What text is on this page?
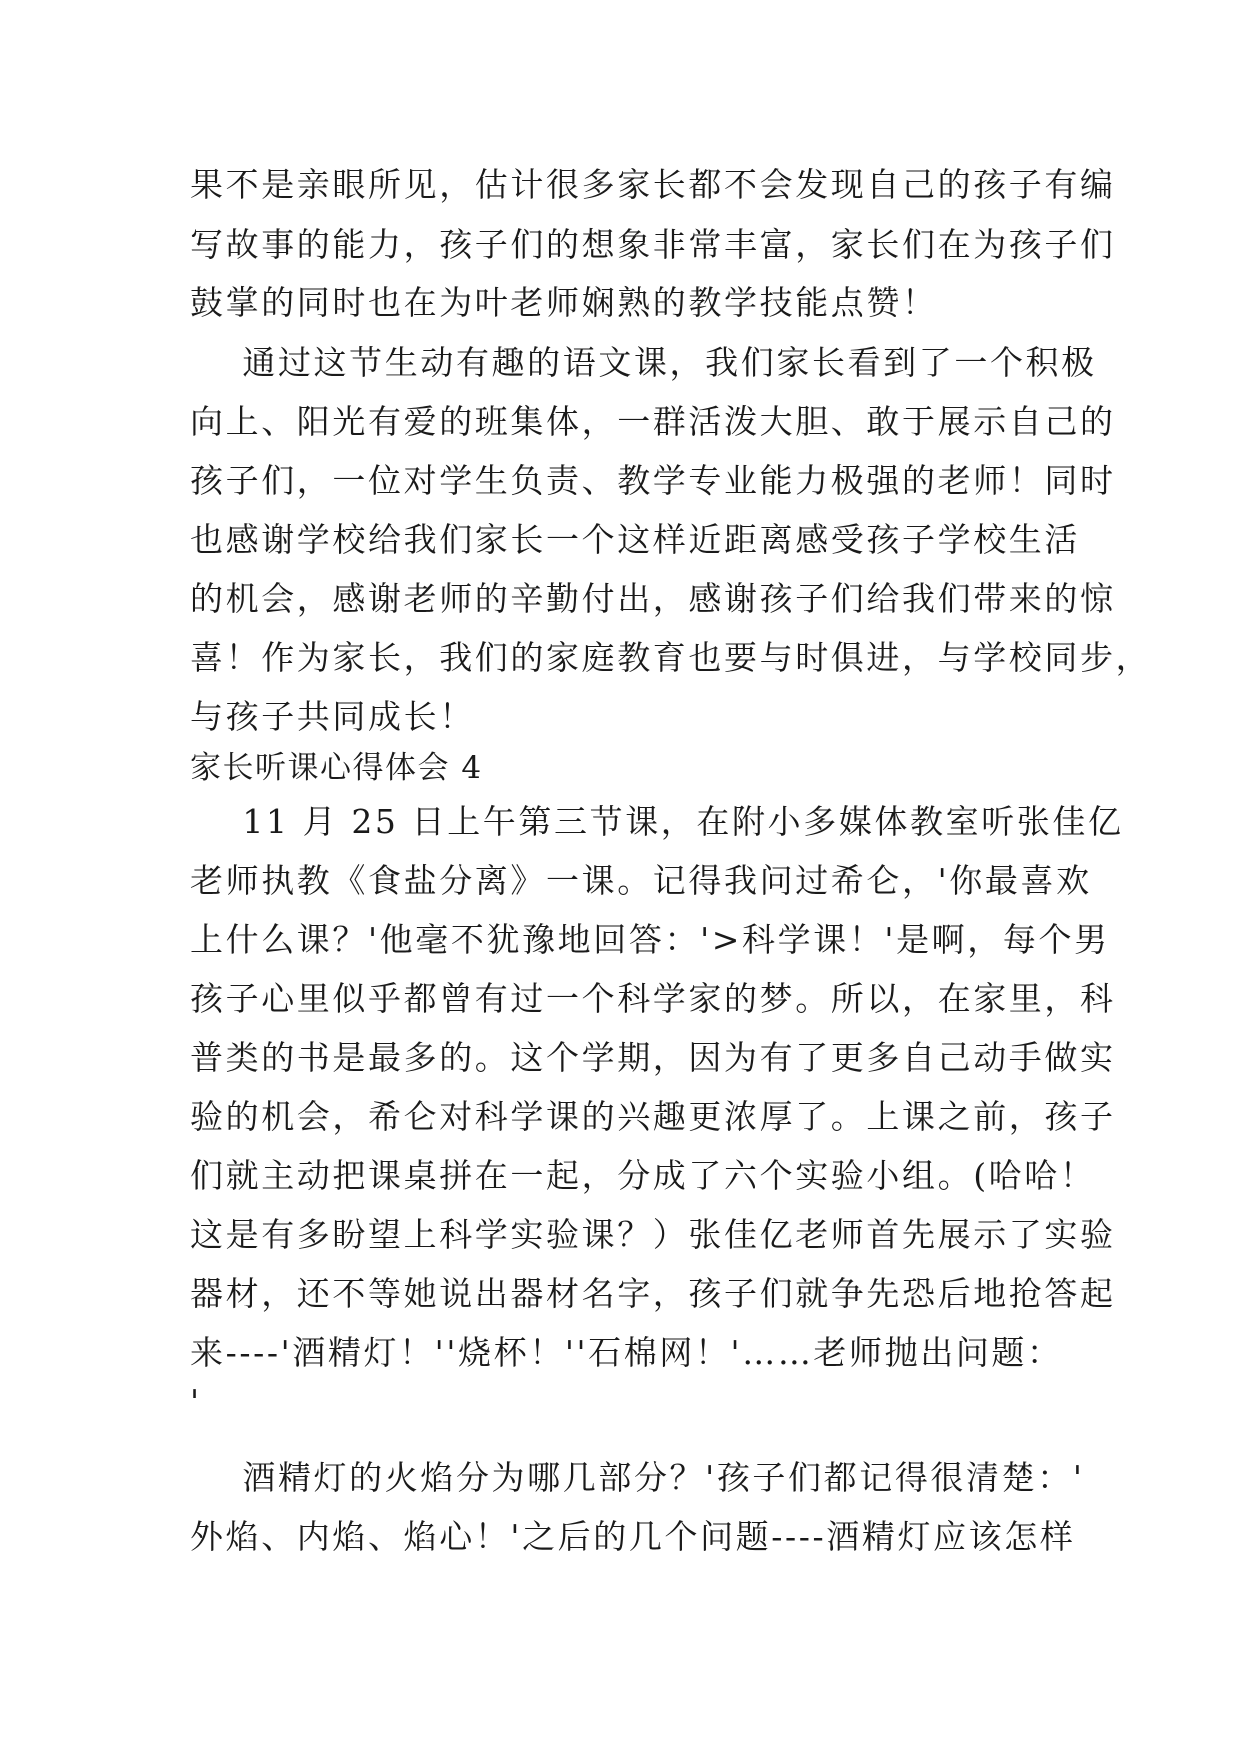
果不是亲眼所见，估计很多家长都不会发现自己的孩子有编
写故事的能力，孩子们的想象非常丰富，家长们在为孩子们
鼓掌的同时也在为叶老师娴熟的教学技能点赞！
通过这节生动有趣的语文课，我们家长看到了一个积极
向上、阳光有爱的班集体，一群活泼大胆、敢于展示自己的
孩子们，一位对学生负责、教学专业能力极强的老师！同时
也感谢学校给我们家长一个这样近距离感受孩子学校生活
的机会，感谢老师的辛勤付出，感谢孩子们给我们带来的惊
喜！作为家长，我们的家庭教育也要与时俱进，与学校同步，
与孩子共同成长！
家长听课心得体会 4
11 月 25 日上午第三节课，在附小多媒体教室听张佳亿
老师执教《食盐分离》一课。记得我问过希仑，'你最喜欢
上什么课？'他毫不犹豫地回答：'>科学课！'是啊，每个男
孩子心里似乎都曾有过一个科学家的梦。所以，在家里，科
普类的书是最多的。这个学期，因为有了更多自己动手做实
验的机会，希仑对科学课的兴趣更浓厚了。上课之前，孩子
们就主动把课桌拼在一起，分成了六个实验小组。(哈哈！
这是有多盼望上科学实验课？）张佳亿老师首先展示了实验
器材，还不等她说出器材名字，孩子们就争先恐后地抢答起
来----'酒精灯！''烧杯！''石棉网！'……老师抛出问题：
'
酒精灯的火焰分为哪几部分？'孩子们都记得很清楚：'
外焰、内焰、焰心！'之后的几个问题----酒精灯应该怎样
